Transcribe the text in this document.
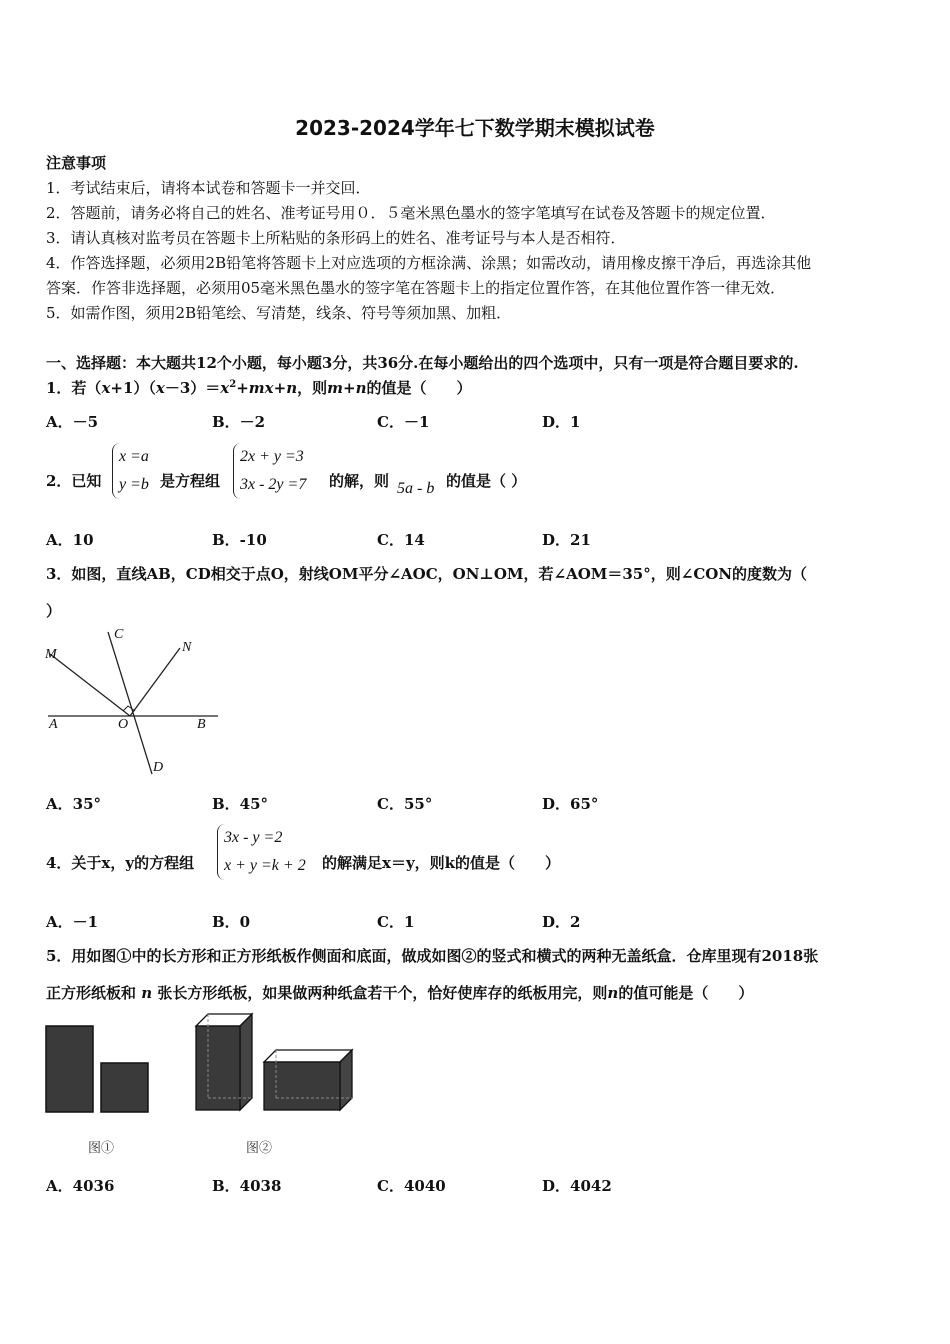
2023-2024学年七下数学期末模拟试卷
注意事项
1．考试结束后，请将本试卷和答题卡一并交回．
2．答题前，请务必将自己的姓名、准考证号用０．５毫米黑色墨水的签字笔填写在试卷及答题卡的规定位置．
3．请认真核对监考员在答题卡上所粘贴的条形码上的姓名、准考证号与本人是否相符．
4．作答选择题，必须用2B铅笔将答题卡上对应选项的方框涂满、涂黑；如需改动，请用橡皮擦干净后，再选涂其他
答案．作答非选择题，必须用05毫米黑色墨水的签字笔在答题卡上的指定位置作答，在其他位置作答一律无效．
5．如需作图，须用2B铅笔绘、写清楚，线条、符号等须加黑、加粗．
一、选择题：本大题共12个小题，每小题3分，共36分.在每小题给出的四个选项中，只有一项是符合题目要求的.
1．若$(x+1)(x-3)=x^2+mx+n$，则m+n的值是（　　）
A．－5	B．－2	C．－1	D．1
2．已知
x =a
y =b 是方程组
2x + y =3
3x - 2y =7 的解，则 5a - b 的值是（ ）
A．10	B．-10	C．14	D．21
3．如图，直线AB，CD相交于点O，射线OM平分∠AOC，ON⊥OM，若∠AOM＝35°，则∠CON的度数为（
）
M
C
N
A	O	B
D
A．35°	B．45°	C．55°	D．65°
4．关于x，y的方程组
3x - y =2
x + y =k + 2 的解满足x＝y，则k的值是（　　）
A．－1	B．0	C．1	D．2
5．用如图①中的长方形和正方形纸板作侧面和底面，做成如图②的竖式和横式的两种无盖纸盒．仓库里现有2018张
正方形纸板和 n 张长方形纸板，如果做两种纸盒若干个，恰好使库存的纸板用完，则n的值可能是（　　）
图①	图②
A．4036	B．4038	C．4040	D．4042
